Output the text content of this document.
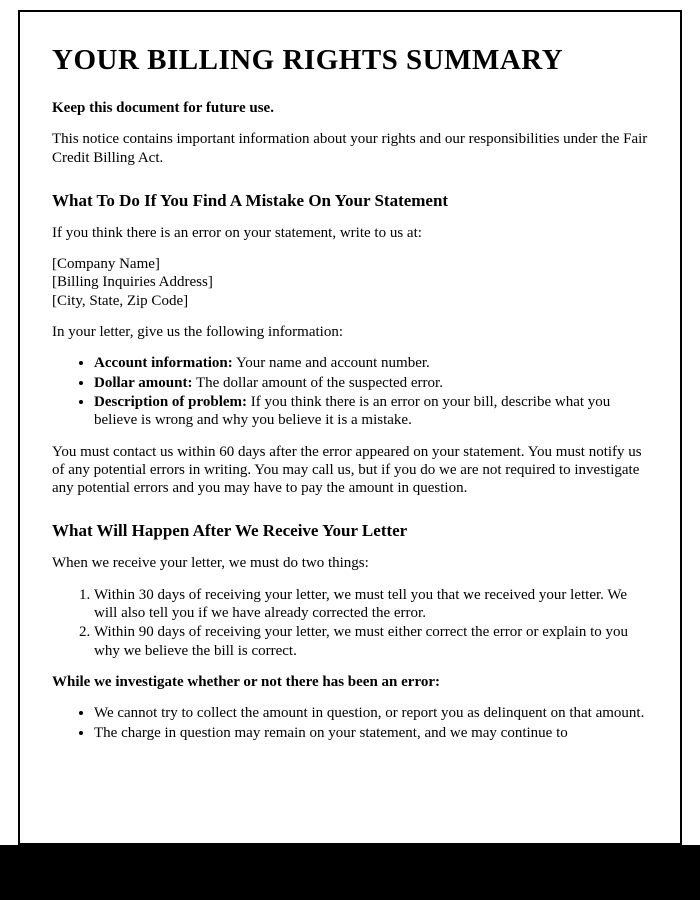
YOUR BILLING RIGHTS SUMMARY

Keep this document for future use.

This notice contains important information about your rights and our responsibilities under the Fair Credit Billing Act.

What To Do If You Find A Mistake On Your Statement

If you think there is an error on your statement, write to us at:

[Company Name]

[Billing Inquiries Address]

[City, State, Zip Code]

In your letter, give us the following information:

• Account information: Your name and account number.
• Dollar amount: The dollar amount of the suspected error.
• Description of problem: If you think there is an error on your bill, describe what you believe is wrong and why you believe it is a mistake.

You must contact us within 60 days after the error appeared on your statement. You must notify us of any potential errors in writing. You may call us, but if you do we are not required to investigate any potential errors and you may have to pay the amount in question.

What Will Happen After We Receive Your Letter

When we receive your letter, we must do two things:

1. Within 30 days of receiving your letter, we must tell you that we received your letter. We will also tell you if we have already corrected the error.
2. Within 90 days of receiving your letter, we must either correct the error or explain to you why we believe the bill is correct.

While we investigate whether or not there has been an error:

• We cannot try to collect the amount in question, or report you as delinquent on that amount.
• The charge in question may remain on your statement, and we may continue to
